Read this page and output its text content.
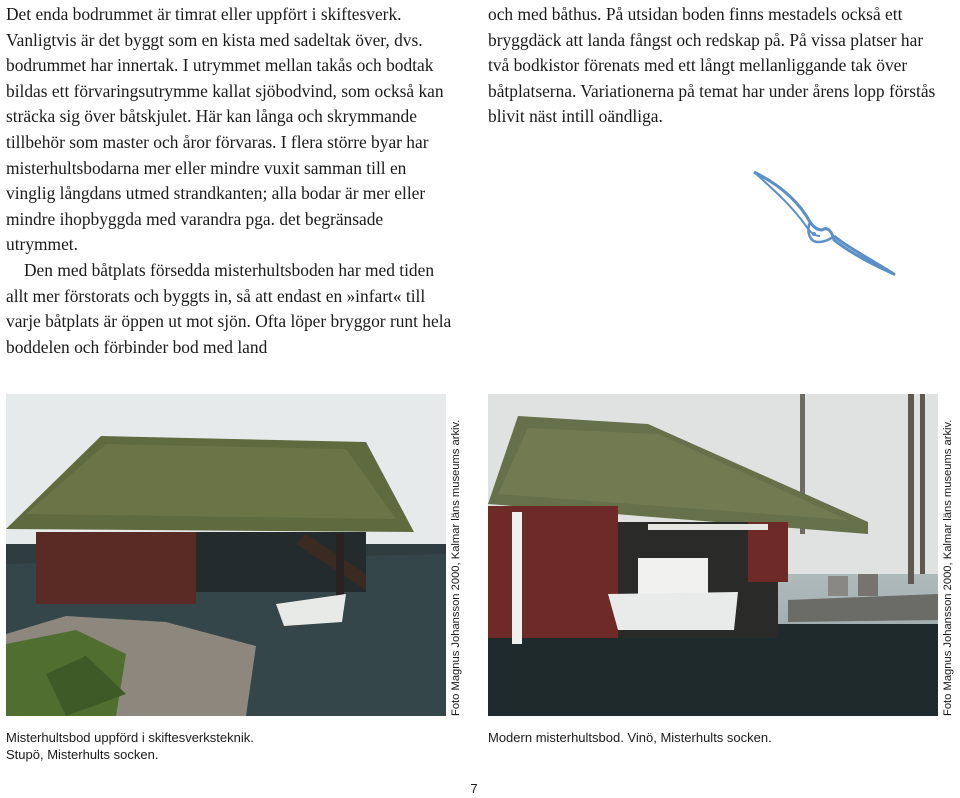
Det enda bodrummet är timrat eller uppfört i skiftesverk. Vanligtvis är det byggt som en kista med sadeltak över, dvs. bodrummet har innertak. I utrymmet mellan takås och bodtak bildas ett förvaringsutrymme kallat sjöbodvind, som också kan sträcka sig över båtskjulet. Här kan långa och skrymmande tillbehör som master och åror förvaras. I flera större byar har misterhultsbodarna mer eller mindre vuxit samman till en vinglig långdans utmed strandkanten; alla bodar är mer eller mindre ihopbyggda med varandra pga. det begränsade utrymmet.

Den med båtplats försedda misterhultsboden har med tiden allt mer förstorats och byggts in, så att endast en »infart« till varje båtplats är öppen ut mot sjön. Ofta löper bryggor runt hela boddelen och förbinder bod med land

och med båthus. På utsidan boden finns mestadels också ett bryggdäck att landa fångst och redskap på. På vissa platser har två bodkistor förenats med ett långt mellanliggande tak över båtplatserna. Variationerna på temat har under årens lopp förstås blivit näst intill oändliga.

Foto Magnus Johansson 2000, Kalmar läns museums arkiv.
Misterhultsbod uppförd i skiftesverksteknik.
Stupö, Misterhults socken.
Foto Magnus Johansson 2000, Kalmar läns museums arkiv.
Modern misterhultsbod. Vinö, Misterhults socken.
7
